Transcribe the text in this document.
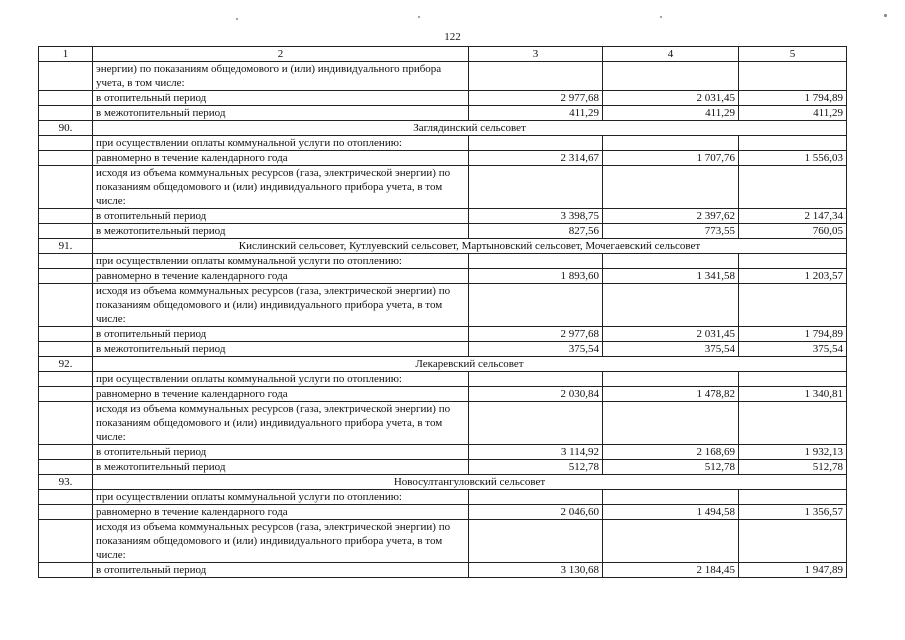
122
1	2	3	4	5
	энергии) по показаниям общедомового и (или) индивидуального прибора учета, в том числе:			
	в отопительный период	2 977,68	2 031,45	1 794,89
	в межотопительный период	411,29	411,29	411,29
90.	Заглядинский сельсовет			
	при осуществлении оплаты коммунальной услуги по отоплению:			
	равномерно в течение календарного года	2 314,67	1 707,76	1 556,03
	исходя из объема коммунальных ресурсов (газа, электрической энергии) по показаниям общедомового и (или) индивидуального прибора учета, в том числе:			
	в отопительный период	3 398,75	2 397,62	2 147,34
	в межотопительный период	827,56	773,55	760,05
91.	Кислинский сельсовет, Кутлуевский сельсовет, Мартыновский сельсовет, Мочегаевский сельсовет			
	при осуществлении оплаты коммунальной услуги по отоплению:			
	равномерно в течение календарного года	1 893,60	1 341,58	1 203,57
	исходя из объема коммунальных ресурсов (газа, электрической энергии) по показаниям общедомового и (или) индивидуального прибора учета, в том числе:			
	в отопительный период	2 977,68	2 031,45	1 794,89
	в межотопительный период	375,54	375,54	375,54
92.	Лекаревский сельсовет			
	при осуществлении оплаты коммунальной услуги по отоплению:			
	равномерно в течение календарного года	2 030,84	1 478,82	1 340,81
	исходя из объема коммунальных ресурсов (газа, электрической энергии) по показаниям общедомового и (или) индивидуального прибора учета, в том числе:			
	в отопительный период	3 114,92	2 168,69	1 932,13
	в межотопительный период	512,78	512,78	512,78
93.	Новосултангуловский сельсовет			
	при осуществлении оплаты коммунальной услуги по отоплению:			
	равномерно в течение календарного года	2 046,60	1 494,58	1 356,57
	исходя из объема коммунальных ресурсов (газа, электрической энергии) по показаниям общедомового и (или) индивидуального прибора учета, в том числе:			
	в отопительный период	3 130,68	2 184,45	1 947,89
